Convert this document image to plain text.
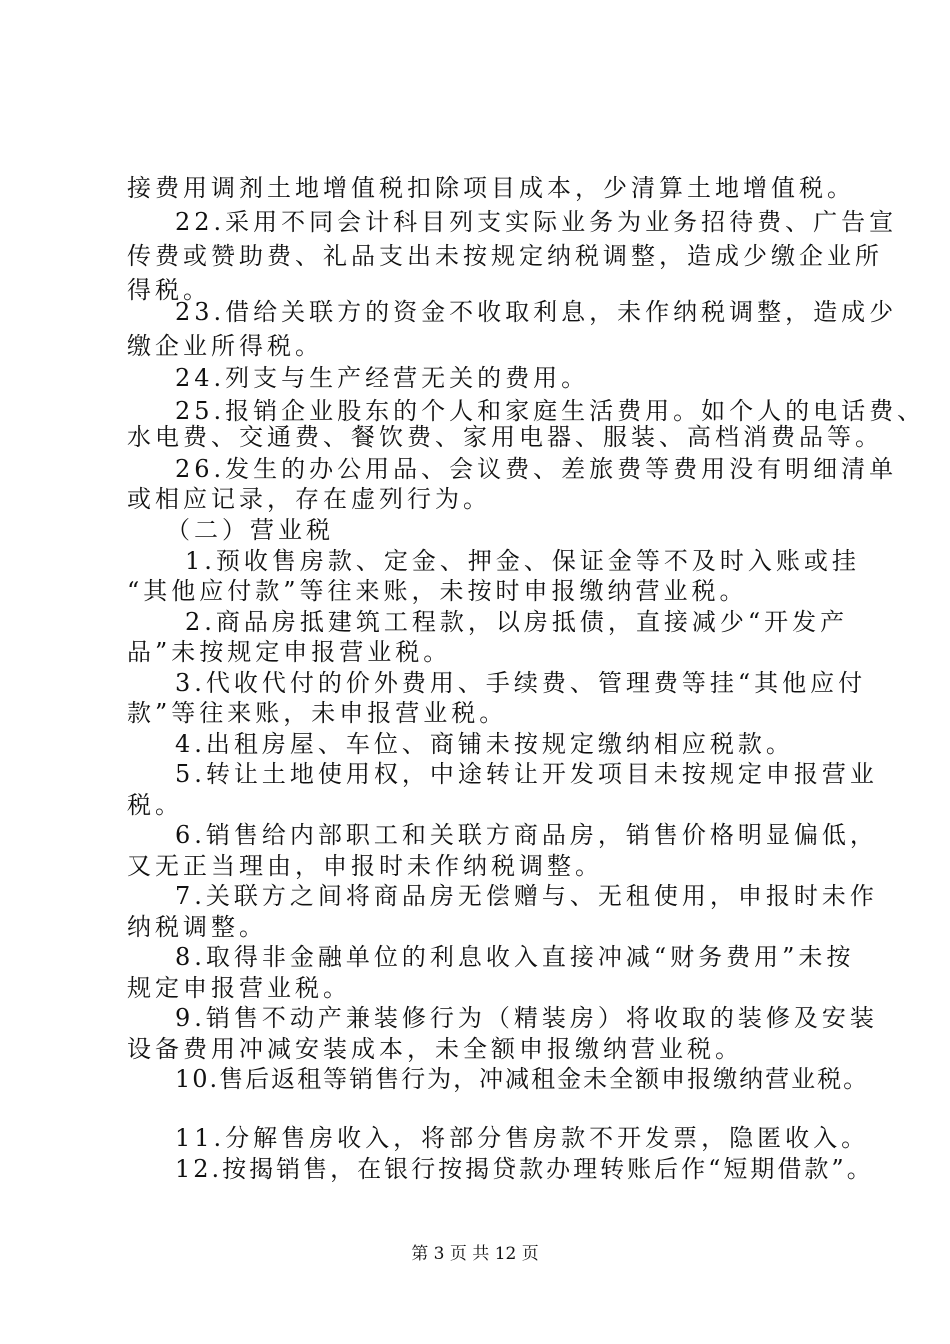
接费用调剂土地增值税扣除项目成本，少清算土地增值税。
22.采用不同会计科目列支实际业务为业务招待费、广告宣
传费或赞助费、礼品支出未按规定纳税调整，造成少缴企业所
得税。
23.借给关联方的资金不收取利息，未作纳税调整，造成少
缴企业所得税。
24.列支与生产经营无关的费用。
25.报销企业股东的个人和家庭生活费用。如个人的电话费、
水电费、交通费、餐饮费、家用电器、服装、高档消费品等。
26.发生的办公用品、会议费、差旅费等费用没有明细清单
或相应记录，存在虚列行为。
（二）营业税
1.预收售房款、定金、押金、保证金等不及时入账或挂
“其他应付款”等往来账，未按时申报缴纳营业税。
2.商品房抵建筑工程款，以房抵债，直接减少“开发产
品”未按规定申报营业税。
3.代收代付的价外费用、手续费、管理费等挂“其他应付
款”等往来账，未申报营业税。
4.出租房屋、车位、商铺未按规定缴纳相应税款。
5.转让土地使用权，中途转让开发项目未按规定申报营业
税。
6.销售给内部职工和关联方商品房，销售价格明显偏低，
又无正当理由，申报时未作纳税调整。
7.关联方之间将商品房无偿赠与、无租使用，申报时未作
纳税调整。
8.取得非金融单位的利息收入直接冲减“财务费用”未按
规定申报营业税。
9.销售不动产兼装修行为（精装房）将收取的装修及安装
设备费用冲减安装成本，未全额申报缴纳营业税。
10.售后返租等销售行为，冲减租金未全额申报缴纳营业税。
11.分解售房收入，将部分售房款不开发票，隐匿收入。
12.按揭销售，在银行按揭贷款办理转账后作“短期借款”。
第 3 页 共 12 页
